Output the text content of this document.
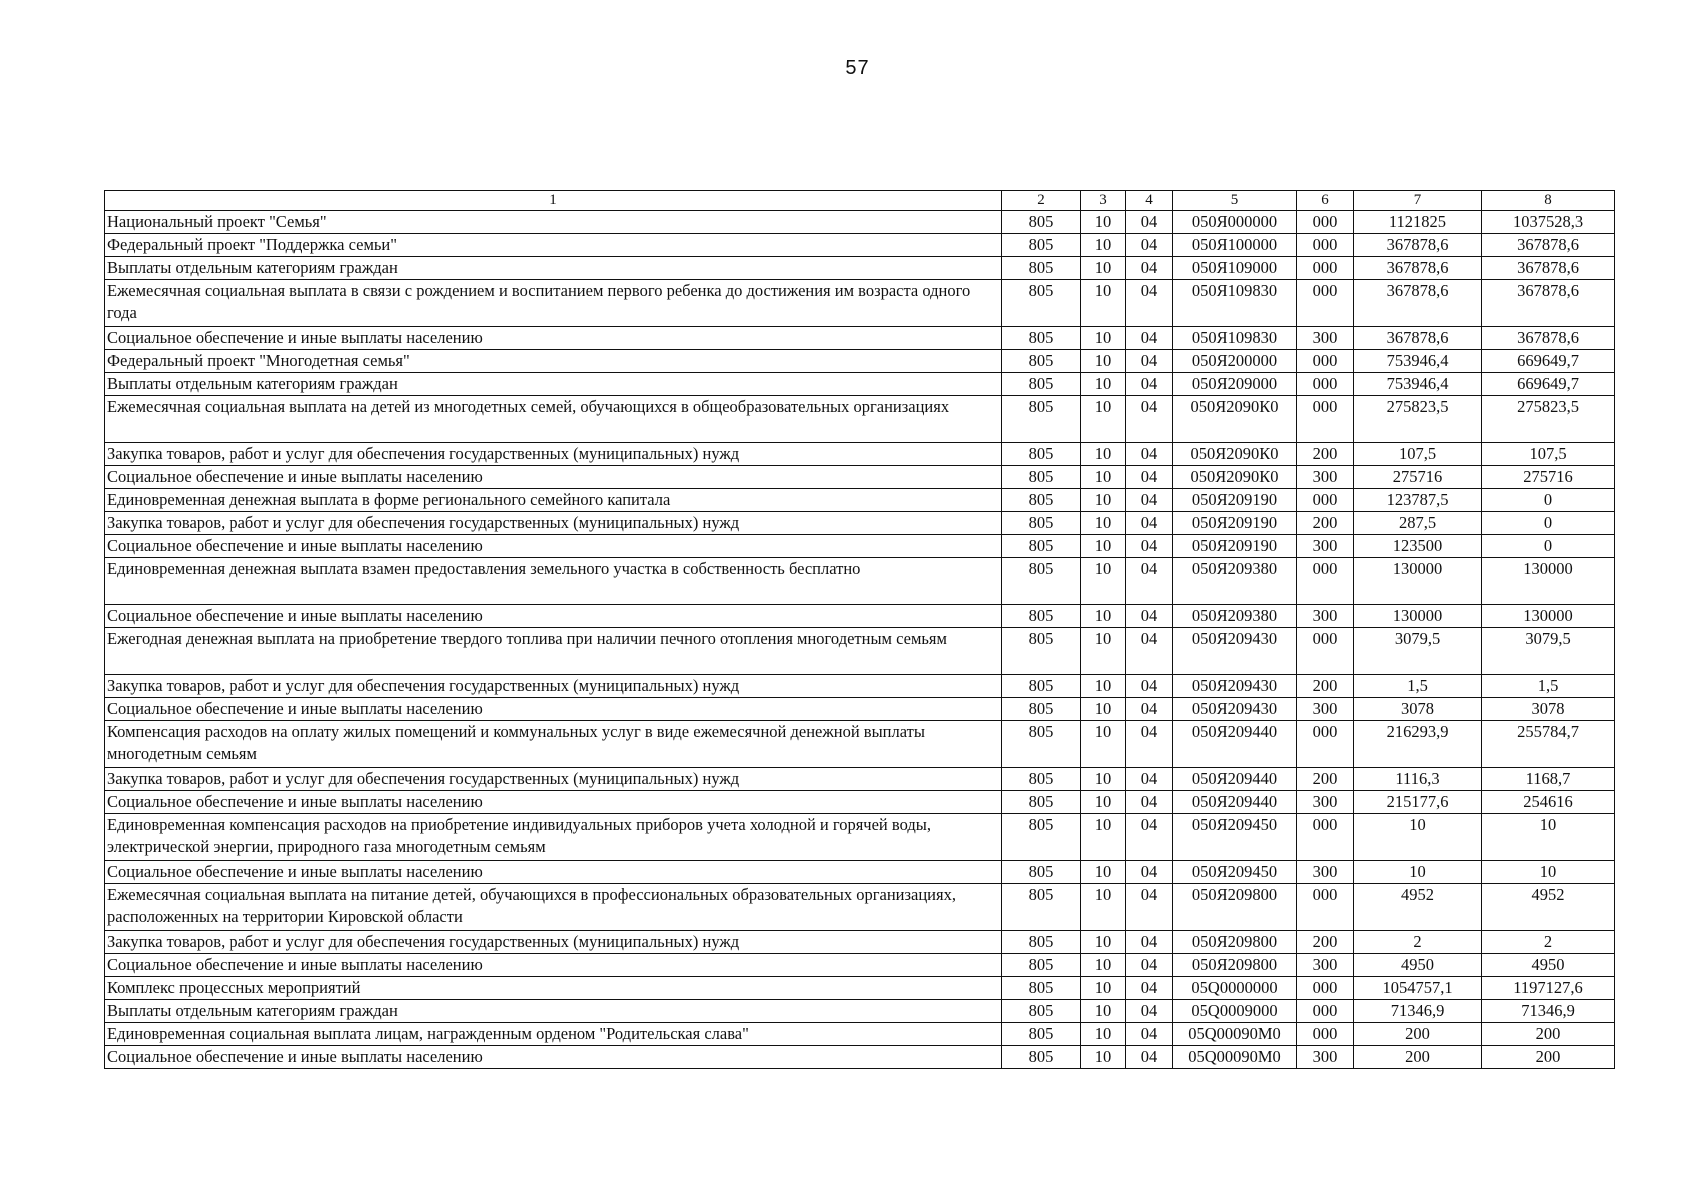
57
1	2	3	4	5	6	7	8
Национальный проект "Семья"	805	10	04	050Я000000	000	1121825	1037528,3
Федеральный проект "Поддержка семьи"	805	10	04	050Я100000	000	367878,6	367878,6
Выплаты отдельным категориям граждан	805	10	04	050Я109000	000	367878,6	367878,6
Ежемесячная социальная выплата в связи с рождением и воспитанием первого ребенка до достижения им возраста одного года	805	10	04	050Я109830	000	367878,6	367878,6
Социальное обеспечение и иные выплаты населению	805	10	04	050Я109830	300	367878,6	367878,6
Федеральный проект "Многодетная семья"	805	10	04	050Я200000	000	753946,4	669649,7
Выплаты отдельным категориям граждан	805	10	04	050Я209000	000	753946,4	669649,7
Ежемесячная социальная выплата на детей из многодетных семей, обучающихся в общеобразовательных организациях	805	10	04	050Я2090К0	000	275823,5	275823,5
Закупка товаров, работ и услуг для обеспечения государственных (муниципальных) нужд	805	10	04	050Я2090К0	200	107,5	107,5
Социальное обеспечение и иные выплаты населению	805	10	04	050Я2090К0	300	275716	275716
Единовременная денежная выплата в форме регионального семейного капитала	805	10	04	050Я209190	000	123787,5	0
Закупка товаров, работ и услуг для обеспечения государственных (муниципальных) нужд	805	10	04	050Я209190	200	287,5	0
Социальное обеспечение и иные выплаты населению	805	10	04	050Я209190	300	123500	0
Единовременная денежная выплата взамен предоставления земельного участка в собственность бесплатно	805	10	04	050Я209380	000	130000	130000
Социальное обеспечение и иные выплаты населению	805	10	04	050Я209380	300	130000	130000
Ежегодная денежная выплата на приобретение твердого топлива при наличии печного отопления многодетным семьям	805	10	04	050Я209430	000	3079,5	3079,5
Закупка товаров, работ и услуг для обеспечения государственных (муниципальных) нужд	805	10	04	050Я209430	200	1,5	1,5
Социальное обеспечение и иные выплаты населению	805	10	04	050Я209430	300	3078	3078
Компенсация расходов на оплату жилых помещений и коммунальных услуг в виде ежемесячной денежной выплаты многодетным семьям	805	10	04	050Я209440	000	216293,9	255784,7
Закупка товаров, работ и услуг для обеспечения государственных (муниципальных) нужд	805	10	04	050Я209440	200	1116,3	1168,7
Социальное обеспечение и иные выплаты населению	805	10	04	050Я209440	300	215177,6	254616
Единовременная компенсация расходов на приобретение индивидуальных приборов учета холодной и горячей воды, электрической энергии, природного газа многодетным семьям	805	10	04	050Я209450	000	10	10
Социальное обеспечение и иные выплаты населению	805	10	04	050Я209450	300	10	10
Ежемесячная социальная выплата на питание детей, обучающихся в профессиональных образовательных организациях, расположенных на территории Кировской области	805	10	04	050Я209800	000	4952	4952
Закупка товаров, работ и услуг для обеспечения государственных (муниципальных) нужд	805	10	04	050Я209800	200	2	2
Социальное обеспечение и иные выплаты населению	805	10	04	050Я209800	300	4950	4950
Комплекс процессных мероприятий	805	10	04	05Q0000000	000	1054757,1	1197127,6
Выплаты отдельным категориям граждан	805	10	04	05Q0009000	000	71346,9	71346,9
Единовременная социальная выплата лицам, награжденным орденом "Родительская слава"	805	10	04	05Q00090М0	000	200	200
Социальное обеспечение и иные выплаты населению	805	10	04	05Q00090М0	300	200	200
